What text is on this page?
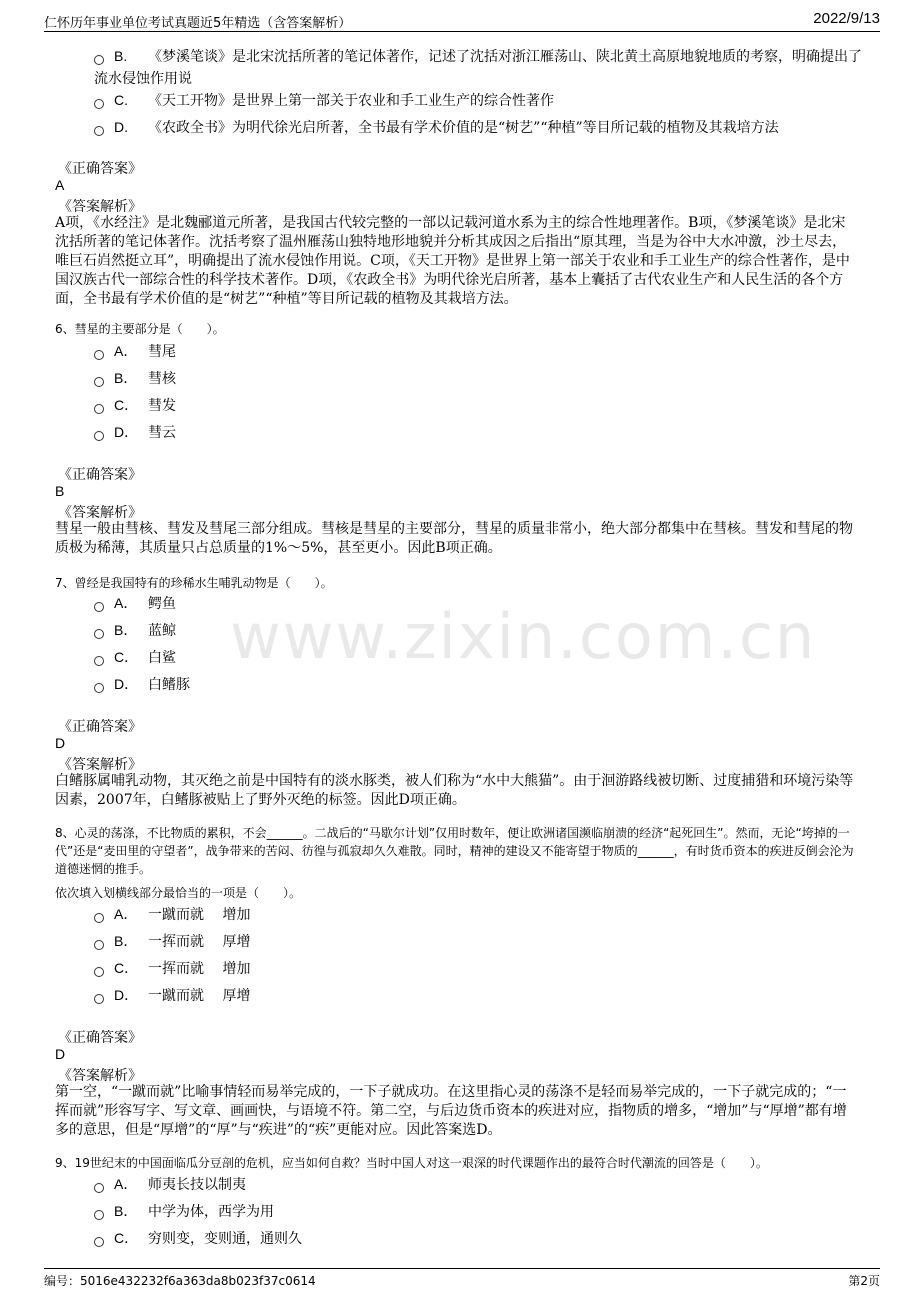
仁怀历年事业单位考试真题近5年精选（含答案解析）	2022/9/13
www.zixin.com.cn
B. 《梦溪笔谈》是北宋沈括所著的笔记体著作，记述了沈括对浙江雁荡山、陕北黄土高原地貌地质的考察，明确提出了流水侵蚀作用说
C. 《天工开物》是世界上第一部关于农业和手工业生产的综合性著作
D. 《农政全书》为明代徐光启所著，全书最有学术价值的是“树艺”“种植”等目所记载的植物及其栽培方法
《正确答案》
A
《答案解析》
A项，《水经注》是北魏郦道元所著，是我国古代较完整的一部以记载河道水系为主的综合性地理著作。B项，《梦溪笔谈》是北宋沈括所著的笔记体著作。沈括考察了温州雁荡山独特地形地貌并分析其成因之后指出“原其理，当是为谷中大水冲激，沙土尽去，唯巨石岿然挺立耳”，明确提出了流水侵蚀作用说。C项，《天工开物》是世界上第一部关于农业和手工业生产的综合性著作，是中国汉族古代一部综合性的科学技术著作。D项，《农政全书》为明代徐光启所著，基本上囊括了古代农业生产和人民生活的各个方面，全书最有学术价值的是“树艺”“种植”等目所记载的植物及其栽培方法。
6、彗星的主要部分是（　　）。
A． 彗尾
B． 彗核
C． 彗发
D． 彗云
《正确答案》
B
《答案解析》
彗星一般由彗核、彗发及彗尾三部分组成。彗核是彗星的主要部分，彗星的质量非常小，绝大部分都集中在彗核。彗发和彗尾的物质极为稀薄，其质量只占总质量的1%～5%，甚至更小。因此B项正确。
7、曾经是我国特有的珍稀水生哺乳动物是（　　）。
A． 鳄鱼
B． 蓝鲸
C． 白鲨
D． 白鳍豚
《正确答案》
D
《答案解析》
白鳍豚属哺乳动物，其灭绝之前是中国特有的淡水豚类，被人们称为“水中大熊猫”。由于洄游路线被切断、过度捕猎和环境污染等因素，2007年，白鳍豚被贴上了野外灭绝的标签。因此D项正确。
8、心灵的荡涤，不比物质的累积，不会______。二战后的“马歇尔计划”仅用时数年，便让欧洲诸国濒临崩溃的经济“起死回生”。然而，无论“垮掉的一代”还是“麦田里的守望者”，战争带来的苦闷、彷徨与孤寂却久久难散。同时，精神的建设又不能寄望于物质的______，有时货币资本的疾进反倒会沦为道德迷惘的推手。
依次填入划横线部分最恰当的一项是（　　）。
A． 一蹴而就　 增加
B． 一挥而就　 厚增
C． 一挥而就　 增加
D． 一蹴而就　 厚增
《正确答案》
D
《答案解析》
第一空，“一蹴而就”比喻事情轻而易举完成的，一下子就成功。在这里指心灵的荡涤不是轻而易举完成的，一下子就完成的；“一挥而就”形容写字、写文章、画画快，与语境不符。第二空，与后边货币资本的疾进对应，指物质的增多，“增加”与“厚增”都有增多的意思，但是“厚增”的“厚”与“疾进”的“疾”更能对应。因此答案选D。
9、19世纪末的中国面临瓜分豆剖的危机，应当如何自救？当时中国人对这一艰深的时代课题作出的最符合时代潮流的回答是（　　）。
A． 师夷长技以制夷
B． 中学为体，西学为用
C． 穷则变，变则通，通则久
编号：5016e432232f6a363da8b023f37c0614	第2页
